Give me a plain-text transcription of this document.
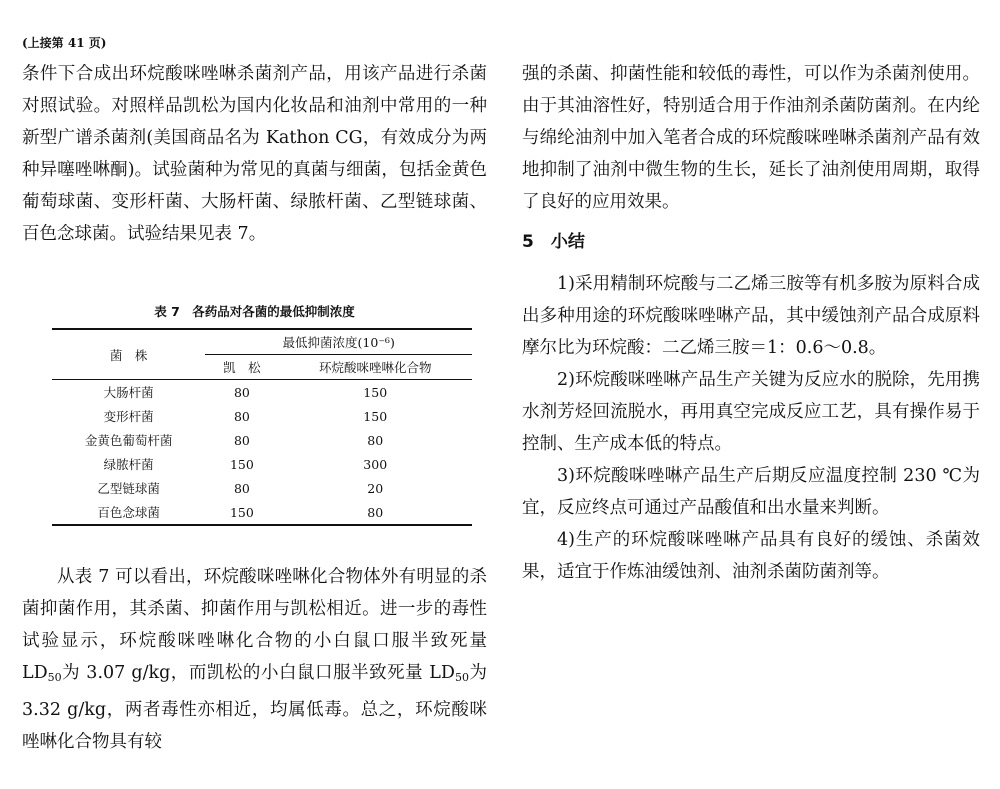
(上接第 41 页)

条件下合成出环烷酸咪唑啉杀菌剂产品，用该产品进行杀菌对照试验。对照样品凯松为国内化妆品和油剂中常用的一种新型广谱杀菌剂(美国商品名为 Kathon CG，有效成分为两种异噻唑啉酮)。试验菌种为常见的真菌与细菌，包括金黄色葡萄球菌、变形杆菌、大肠杆菌、绿脓杆菌、乙型链球菌、百色念球菌。试验结果见表 7。

表 7　各药品对各菌的最低抑制浓度
菌　株	最低抑菌浓度(10⁻⁶)	
	凯　松	环烷酸咪唑啉化合物
大肠杆菌	80	150
变形杆菌	80	150
金黄色葡萄杆菌	80	80
绿脓杆菌	150	300
乙型链球菌	80	20
百色念球菌	150	80

从表 7 可以看出，环烷酸咪唑啉化合物体外有明显的杀菌抑菌作用，其杀菌、抑菌作用与凯松相近。进一步的毒性试验显示，环烷酸咪唑啉化合物的小白鼠口服半致死量 $LD_{50}$为 3.07 g/kg，而凯松的小白鼠口服半致死量 $LD_{50}$为 3.32 g/kg，两者毒性亦相近，均属低毒。总之，环烷酸咪唑啉化合物具有较

强的杀菌、抑菌性能和较低的毒性，可以作为杀菌剂使用。由于其油溶性好，特别适合用于作油剂杀菌防菌剂。在内纶与绵纶油剂中加入笔者合成的环烷酸咪唑啉杀菌剂产品有效地抑制了油剂中微生物的生长，延长了油剂使用周期，取得了良好的应用效果。

5　小结

1)采用精制环烷酸与二乙烯三胺等有机多胺为原料合成出多种用途的环烷酸咪唑啉产品，其中缓蚀剂产品合成原料摩尔比为环烷酸：二乙烯三胺＝1：0.6～0.8。

2)环烷酸咪唑啉产品生产关键为反应水的脱除，先用携水剂芳烃回流脱水，再用真空完成反应工艺，具有操作易于控制、生产成本低的特点。

3)环烷酸咪唑啉产品生产后期反应温度控制 230 ℃为宜，反应终点可通过产品酸值和出水量来判断。

4)生产的环烷酸咪唑啉产品具有良好的缓蚀、杀菌效果，适宜于作炼油缓蚀剂、油剂杀菌防菌剂等。
